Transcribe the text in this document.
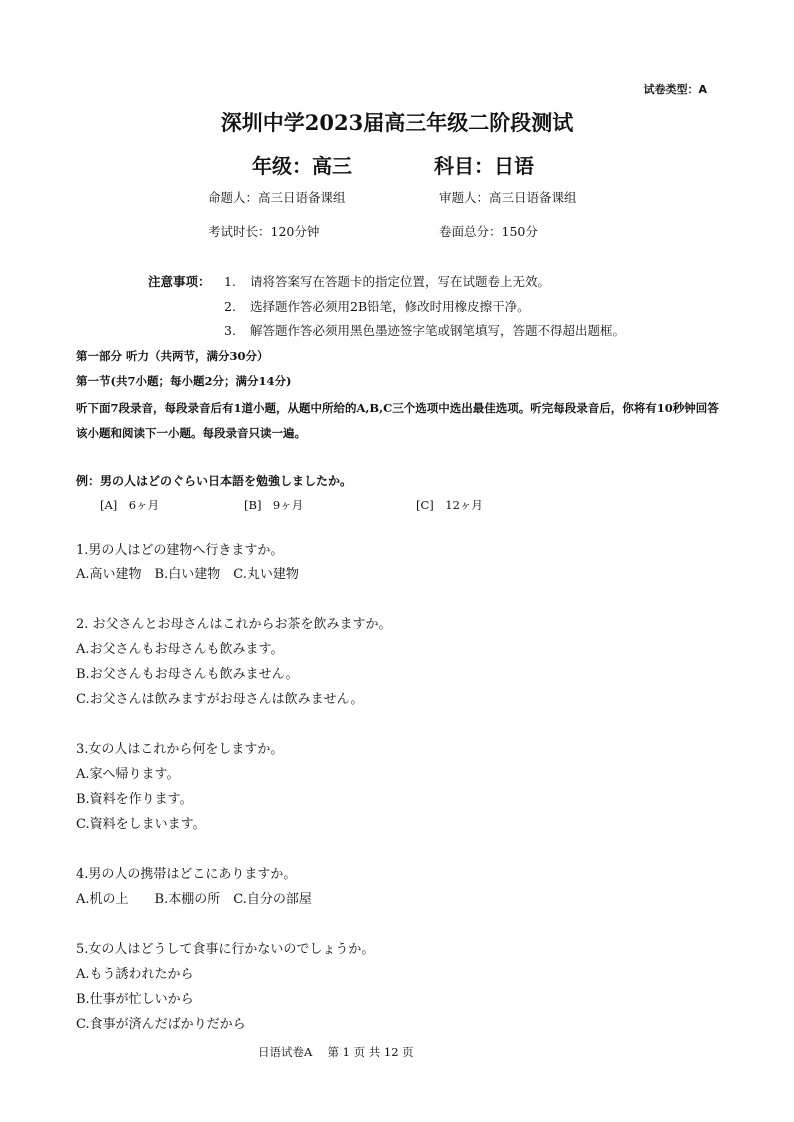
试卷类型：A
深圳中学2023届高三年级二阶段测试
年级：高三	科目：日语
命题人：高三日语备课组	审题人：高三日语备课组
考试时长：120分钟	卷面总分：150分
注意事项： 1. 请将答案写在答题卡的指定位置，写在试题卷上无效。
2. 选择题作答必须用2B铅笔，修改时用橡皮擦干净。
3. 解答题作答必须用黑色墨迹签字笔或钢笔填写，答题不得超出题框。
第一部分 听力（共两节，满分30分）
第一节(共7小题；每小题2分；满分14分)
听下面7段录音，每段录音后有1道小题，从题中所给的A,B,C三个选项中选出最佳选项。听完每段录音后，你将有10秒钟回答该小题和阅读下一小题。每段录音只读一遍。
例：男の人はどのぐらい日本語を勉強しましたか。
[A]　6ヶ月	[B]　9ヶ月	[C]　12ヶ月
1.男の人はどの建物へ行きますか。
A.高い建物　B.白い建物　C.丸い建物
2. お父さんとお母さんはこれからお茶を飲みますか。
A.お父さんもお母さんも飲みます。
B.お父さんもお母さんも飲みません。
C.お父さんは飲みますがお母さんは飲みません。
3.女の人はこれから何をしますか。
A.家へ帰ります。
B.資料を作ります。
C.資料をしまいます。
4.男の人の携帯はどこにありますか。
A.机の上　　B.本棚の所　C.自分の部屋
5.女の人はどうして食事に行かないのでしょうか。
A.もう誘われたから
B.仕事が忙しいから
C.食事が済んだばかりだから
日语试卷A　 第 1 页 共 12 页
